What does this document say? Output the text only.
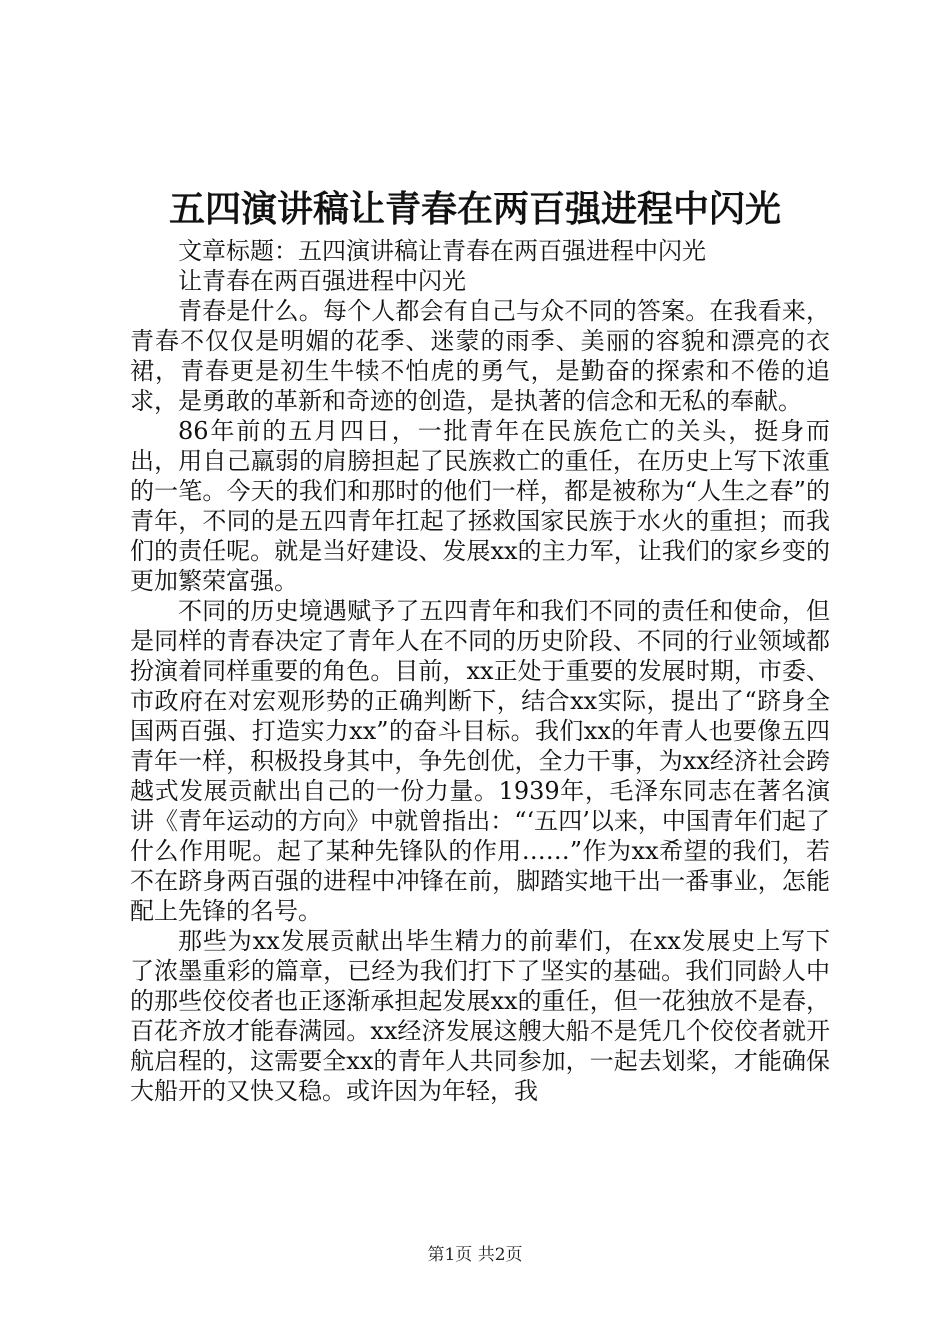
五四演讲稿让青春在两百强进程中闪光

文章标题：五四演讲稿让青春在两百强进程中闪光

让青春在两百强进程中闪光

青春是什么。每个人都会有自己与众不同的答案。在我看来，青春不仅仅是明媚的花季、迷蒙的雨季、美丽的容貌和漂亮的衣裙，青春更是初生牛犊不怕虎的勇气，是勤奋的探索和不倦的追求，是勇敢的革新和奇迹的创造，是执著的信念和无私的奉献。

86年前的五月四日，一批青年在民族危亡的关头，挺身而出，用自己羸弱的肩膀担起了民族救亡的重任，在历史上写下浓重的一笔。今天的我们和那时的他们一样，都是被称为“人生之春”的青年，不同的是五四青年扛起了拯救国家民族于水火的重担；而我们的责任呢。就是当好建设、发展xx的主力军，让我们的家乡变的更加繁荣富强。

不同的历史境遇赋予了五四青年和我们不同的责任和使命，但是同样的青春决定了青年人在不同的历史阶段、不同的行业领域都扮演着同样重要的角色。目前，xx正处于重要的发展时期，市委、市政府在对宏观形势的正确判断下，结合xx实际，提出了“跻身全国两百强、打造实力xx”的奋斗目标。我们xx的年青人也要像五四青年一样，积极投身其中，争先创优，全力干事，为xx经济社会跨越式发展贡献出自己的一份力量。1939年，毛泽东同志在著名演讲《青年运动的方向》中就曾指出：“‘五四’以来，中国青年们起了什么作用呢。起了某种先锋队的作用……”作为xx希望的我们，若不在跻身两百强的进程中冲锋在前，脚踏实地干出一番事业，怎能配上先锋的名号。

那些为xx发展贡献出毕生精力的前辈们，在xx发展史上写下了浓墨重彩的篇章，已经为我们打下了坚实的基础。我们同龄人中的那些佼佼者也正逐渐承担起发展xx的重任，但一花独放不是春，百花齐放才能春满园。xx经济发展这艘大船不是凭几个佼佼者就开航启程的，这需要全xx的青年人共同参加，一起去划桨，才能确保大船开的又快又稳。或许因为年轻，我

第1页 共2页
